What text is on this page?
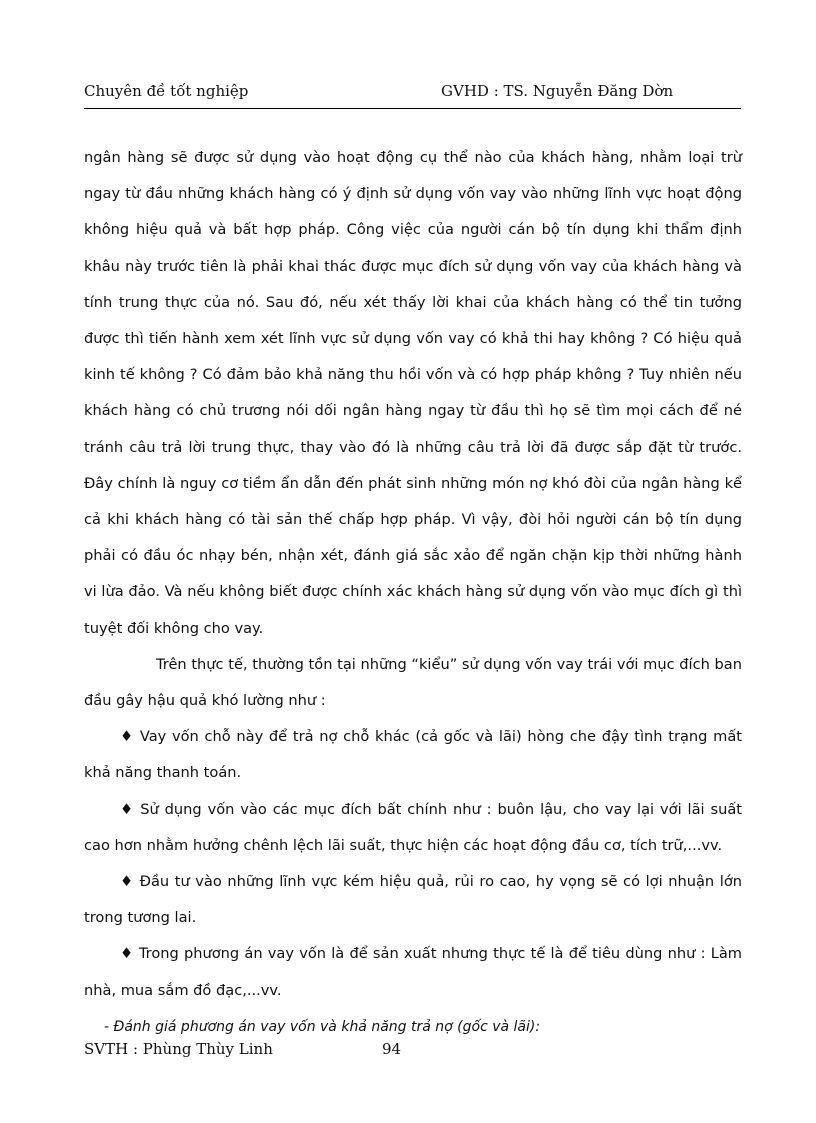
Chuyên đề tốt nghiệp	GVHD : TS. Nguyễn Đăng Dờn

ngân hàng sẽ được sử dụng vào hoạt động cụ thể nào của khách hàng, nhằm loại trừ ngay từ đầu những khách hàng có ý định sử dụng vốn vay vào những lĩnh vực hoạt động không hiệu quả và bất hợp pháp. Công việc của người cán bộ tín dụng khi thẩm định khâu này trước tiên là phải khai thác được mục đích sử dụng vốn vay của khách hàng và tính trung thực của nó. Sau đó, nếu xét thấy lời khai của khách hàng có thể tin tưởng được thì tiến hành xem xét lĩnh vực sử dụng vốn vay có khả thi hay không ? Có hiệu quả kinh tế không ? Có đảm bảo khả năng thu hồi vốn và có hợp pháp không ? Tuy nhiên nếu khách hàng có chủ trương nói dối ngân hàng ngay từ đầu thì họ sẽ tìm mọi cách để né tránh câu trả lời trung thực, thay vào đó là những câu trả lời đã được sắp đặt từ trước. Đây chính là nguy cơ tiềm ẩn dẫn đến phát sinh những món nợ khó đòi của ngân hàng kể cả khi khách hàng có tài sản thế chấp hợp pháp. Vì vậy, đòi hỏi người cán bộ tín dụng phải có đầu óc nhạy bén, nhận xét, đánh giá sắc xảo để ngăn chặn kịp thời những hành vi lừa đảo. Và nếu không biết được chính xác khách hàng sử dụng vốn vào mục đích gì thì tuyệt đối không cho vay.

Trên thực tế, thường tồn tại những “kiểu” sử dụng vốn vay trái với mục đích ban đầu gây hậu quả khó lường như :

♦ Vay vốn chỗ này để trả nợ chỗ khác (cả gốc và lãi) hòng che đậy tình trạng mất khả năng thanh toán.

♦ Sử dụng vốn vào các mục đích bất chính như : buôn lậu, cho vay lại với lãi suất cao hơn nhằm hưởng chênh lệch lãi suất, thực hiện các hoạt động đầu cơ, tích trữ,...vv.

♦ Đầu tư vào những lĩnh vực kém hiệu quả, rủi ro cao, hy vọng sẽ có lợi nhuận lớn trong tương lai.

♦ Trong phương án vay vốn là để sản xuất nhưng thực tế là để tiêu dùng như : Làm nhà, mua sắm đồ đạc,...vv.

- Đánh giá phương án vay vốn và khả năng trả nợ (gốc và lãi):

SVTH : Phùng Thùy Linh	94
